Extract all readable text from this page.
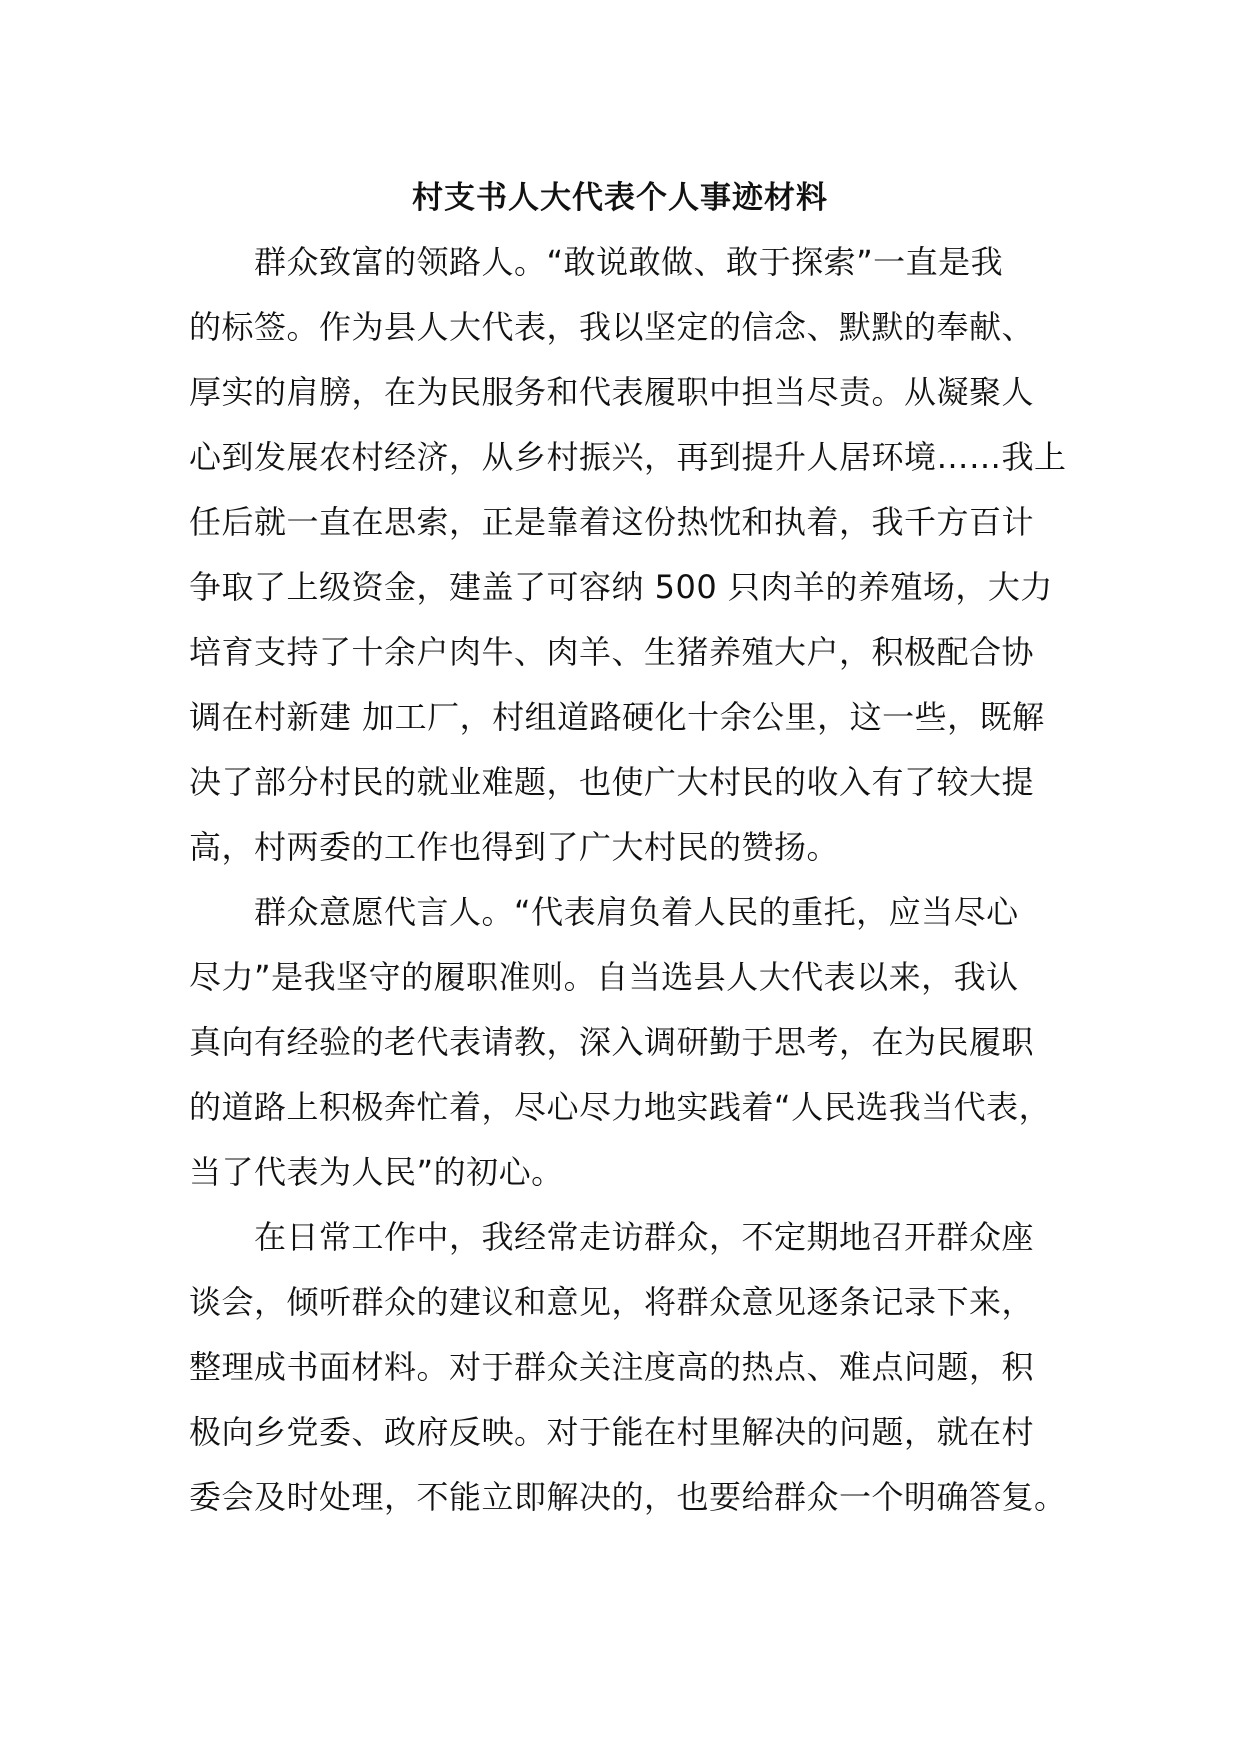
村支书人大代表个人事迹材料
群众致富的领路人。“敢说敢做、敢于探索”一直是我
的标签。作为县人大代表，我以坚定的信念、默默的奉献、
厚实的肩膀，在为民服务和代表履职中担当尽责。从凝聚人
心到发展农村经济，从乡村振兴，再到提升人居环境……我上
任后就一直在思索，正是靠着这份热忱和执着，我千方百计
争取了上级资金，建盖了可容纳 500 只肉羊的养殖场，大力
培育支持了十余户肉牛、肉羊、生猪养殖大户，积极配合协
调在村新建 加工厂，村组道路硬化十余公里，这一些，既解
决了部分村民的就业难题，也使广大村民的收入有了较大提
高，村两委的工作也得到了广大村民的赞扬。
群众意愿代言人。“代表肩负着人民的重托，应当尽心
尽力”是我坚守的履职准则。自当选县人大代表以来，我认
真向有经验的老代表请教，深入调研勤于思考，在为民履职
的道路上积极奔忙着，尽心尽力地实践着“人民选我当代表，
当了代表为人民”的初心。
在日常工作中，我经常走访群众，不定期地召开群众座
谈会，倾听群众的建议和意见，将群众意见逐条记录下来，
整理成书面材料。对于群众关注度高的热点、难点问题，积
极向乡党委、政府反映。对于能在村里解决的问题，就在村
委会及时处理，不能立即解决的，也要给群众一个明确答复。
